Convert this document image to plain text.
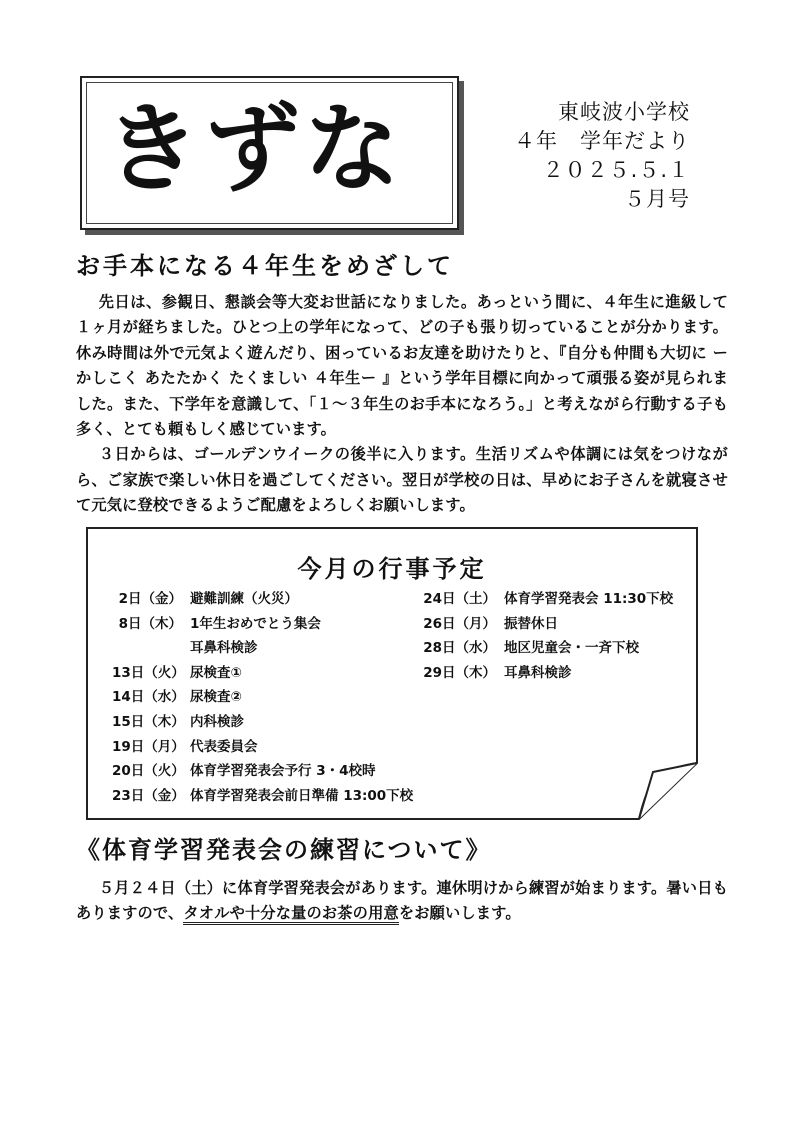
きずな	東岐波小学校
４年　学年だより
２０２５.５.１
５月号
お手本になる４年生をめざして

先日は、参観日、懇談会等大変お世話になりました。あっという間に、４年生に進級して１ヶ月が経ちました。ひとつ上の学年になって、どの子も張り切っていることが分かります。休み時間は外で元気よく遊んだり、困っているお友達を助けたりと、『自分も仲間も大切に ーかしこく あたたかく たくましい ４年生ー 』という学年目標に向かって頑張る姿が見られました。また、下学年を意識して、「１～３年生のお手本になろう。」と考えながら行動する子も多く、とても頼もしく感じています。

３日からは、ゴールデンウイークの後半に入ります。生活リズムや体調には気をつけながら、ご家族で楽しい休日を過ごしてください。翌日が学校の日は、早めにお子さんを就寝させて元気に登校できるようご配慮をよろしくお願いします。

今月の行事予定
2日（金） 避難訓練（火災）
8日（木） 1年生おめでとう集会
耳鼻科検診
13日（火） 尿検査①
14日（水） 尿検査②
15日（木） 内科検診
19日（月） 代表委員会
20日（火） 体育学習発表会予行 3・4校時
23日（金） 体育学習発表会前日準備 13:00下校
24日（土） 体育学習発表会 11:30下校
26日（月） 振替休日
28日（水） 地区児童会・一斉下校
29日（木） 耳鼻科検診
《体育学習発表会の練習について》

５月２４日（土）に体育学習発表会があります。連休明けから練習が始まります。暑い日もありますので、タオルや十分な量のお茶の用意をお願いします。
